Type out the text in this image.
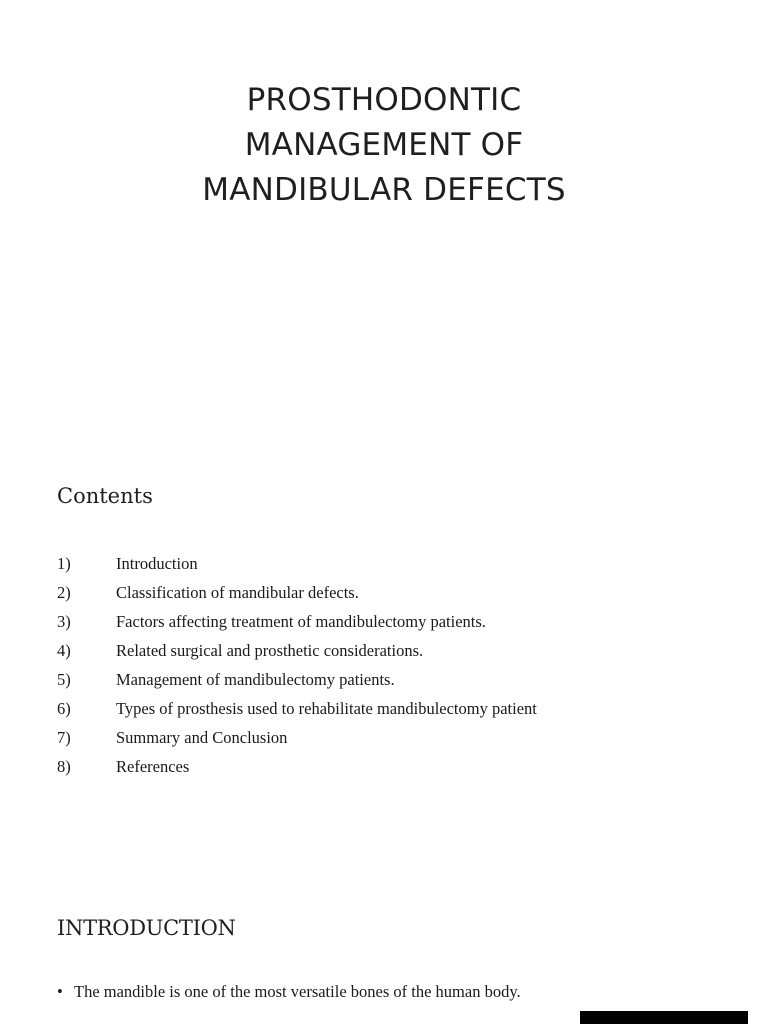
PROSTHODONTIC
MANAGEMENT OF
MANDIBULAR DEFECTS
Contents
1)	Introduction
2)	Classification of mandibular defects.
3)	Factors affecting treatment of mandibulectomy patients.
4)	Related surgical and prosthetic considerations.
5)	Management of mandibulectomy patients.
6)	Types of prosthesis used to rehabilitate mandibulectomy patient
7)	Summary and Conclusion
8)	References
INTRODUCTION
• The mandible is one of the most versatile bones of the human body.
